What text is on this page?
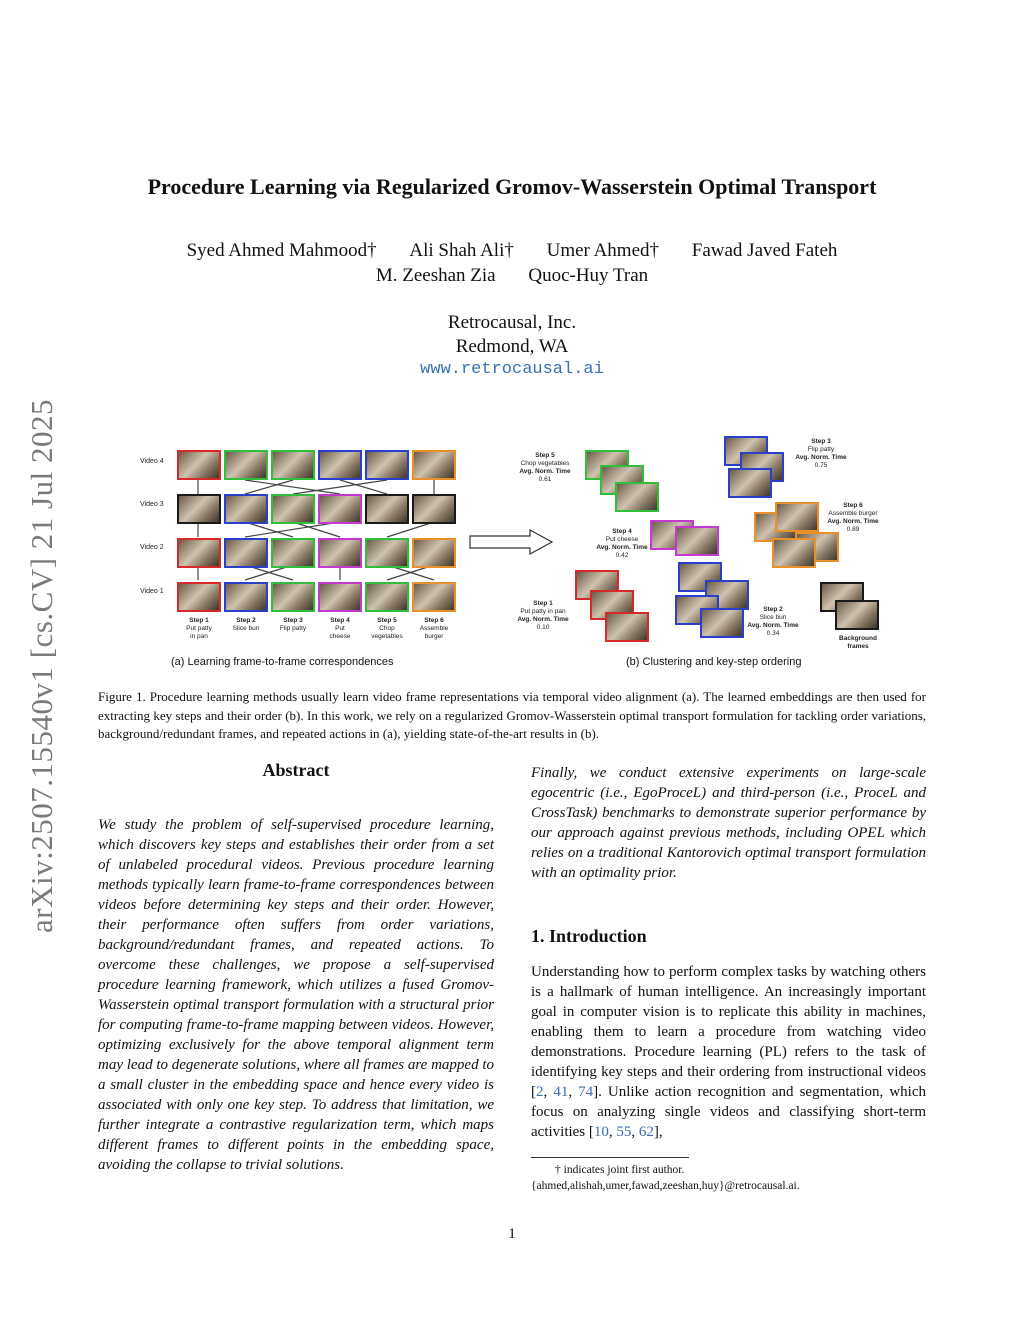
arXiv:2507.15540v1 [cs.CV] 21 Jul 2025
Procedure Learning via Regularized Gromov-Wasserstein Optimal Transport
Syed Ahmed Mahmood† Ali Shah Ali† Umer Ahmed† Fawad Javed Fateh
M. Zeeshan Zia Quoc-Huy Tran
Retrocausal, Inc.
Redmond, WA
www.retrocausal.ai
Video 4
Video 3
Video 2
Video 1
Step 1
Put patty
in pan
Step 2
Slice bun
Step 3
Flip patty
Step 4
Put
cheese
Step 5
Chop
vegetables
Step 6
Assemble
burger
(a) Learning frame-to-frame correspondences
Step 5
Chop vegetables
Avg. Norm. Time
0.61
Step 3
Flip patty
Avg. Norm. Time
0.75
Step 4
Put cheese
Avg. Norm. Time
0.42
Step 6
Assemble burger
Avg. Norm. Time
0.89
Step 1
Put patty in pan
Avg. Norm. Time
0.10
Step 2
Slice bun
Avg. Norm. Time
0.34
Background
frames
(b) Clustering and key-step ordering
Figure 1. Procedure learning methods usually learn video frame representations via temporal video alignment (a). The learned embeddings are then used for extracting key steps and their order (b). In this work, we rely on a regularized Gromov-Wasserstein optimal transport formulation for tackling order variations, background/redundant frames, and repeated actions in (a), yielding state-of-the-art results in (b).
Abstract
We study the problem of self-supervised procedure learning, which discovers key steps and establishes their order from a set of unlabeled procedural videos. Previous procedure learning methods typically learn frame-to-frame correspondences between videos before determining key steps and their order. However, their performance often suffers from order variations, background/redundant frames, and repeated actions. To overcome these challenges, we propose a self-supervised procedure learning framework, which utilizes a fused Gromov-Wasserstein optimal transport formulation with a structural prior for computing frame-to-frame mapping between videos. However, optimizing exclusively for the above temporal alignment term may lead to degenerate solutions, where all frames are mapped to a small cluster in the embedding space and hence every video is associated with only one key step. To address that limitation, we further integrate a contrastive regularization term, which maps different frames to different points in the embedding space, avoiding the collapse to trivial solutions.
Finally, we conduct extensive experiments on large-scale egocentric (i.e., EgoProceL) and third-person (i.e., ProceL and CrossTask) benchmarks to demonstrate superior performance by our approach against previous methods, including OPEL which relies on a traditional Kantorovich optimal transport formulation with an optimality prior.
1. Introduction
Understanding how to perform complex tasks by watching others is a hallmark of human intelligence. An increasingly important goal in computer vision is to replicate this ability in machines, enabling them to learn a procedure from watching video demonstrations. Procedure learning (PL) refers to the task of identifying key steps and their ordering from instructional videos [2, 41, 74]. Unlike action recognition and segmentation, which focus on analyzing single videos and classifying short-term activities [10, 55, 62],
† indicates joint first author.
{ahmed,alishah,umer,fawad,zeeshan,huy}@retrocausal.ai.
1
